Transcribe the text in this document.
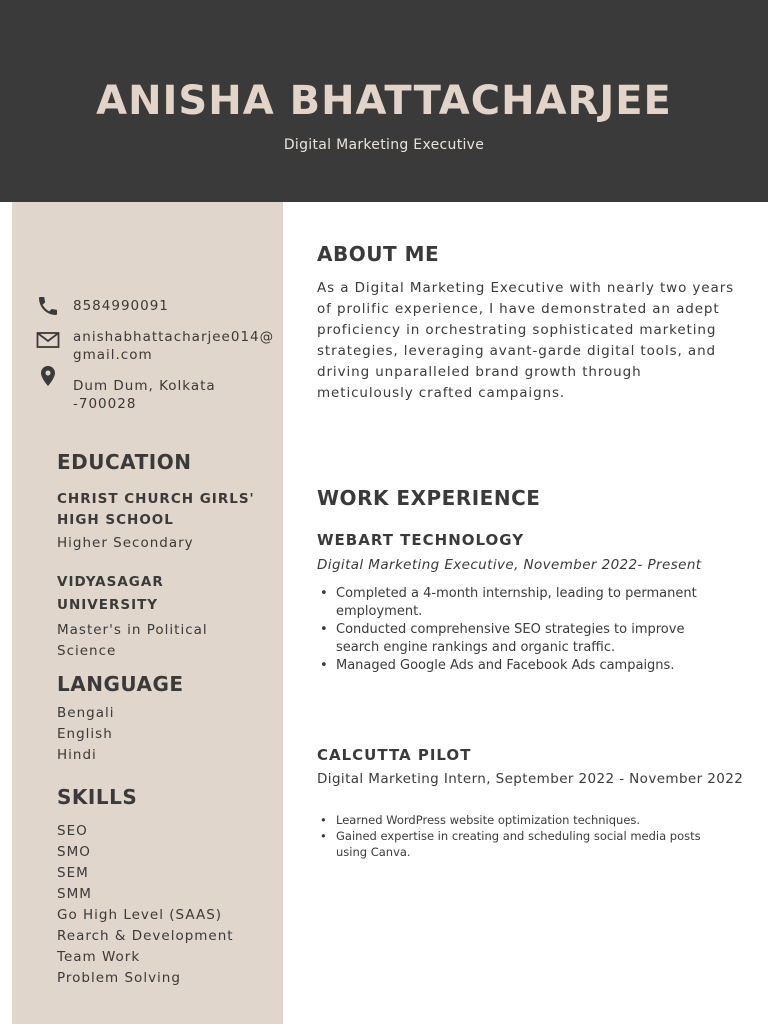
ANISHA BHATTACHARJEE

Digital Marketing Executive

8584990091
anishabhattacharjee014@gmail.com
Dum Dum, Kolkata -700028
EDUCATION

CHRIST CHURCH GIRLS' HIGH SCHOOL

Higher Secondary

VIDYASAGAR UNIVERSITY

Master's in Political Science

LANGUAGE
Bengali
English
Hindi
SKILLS
SEO
SMO
SEM
SMM
Go High Level (SAAS)
Rearch & Development
Team Work
Problem Solving
ABOUT ME

As a Digital Marketing Executive with nearly two years of prolific experience, I have demonstrated an adept proficiency in orchestrating sophisticated marketing strategies, leveraging avant-garde digital tools, and driving unparalleled brand growth through meticulously crafted campaigns.

WORK EXPERIENCE
WEBART TECHNOLOGY

Digital Marketing Executive, November 2022- Present

• Completed a 4-month internship, leading to permanent employment.
• Conducted comprehensive SEO strategies to improve search engine rankings and organic traffic.
• Managed Google Ads and Facebook Ads campaigns.
CALCUTTA PILOT

Digital Marketing Intern, September 2022 - November 2022

• Learned WordPress website optimization techniques.
• Gained expertise in creating and scheduling social media posts using Canva.
